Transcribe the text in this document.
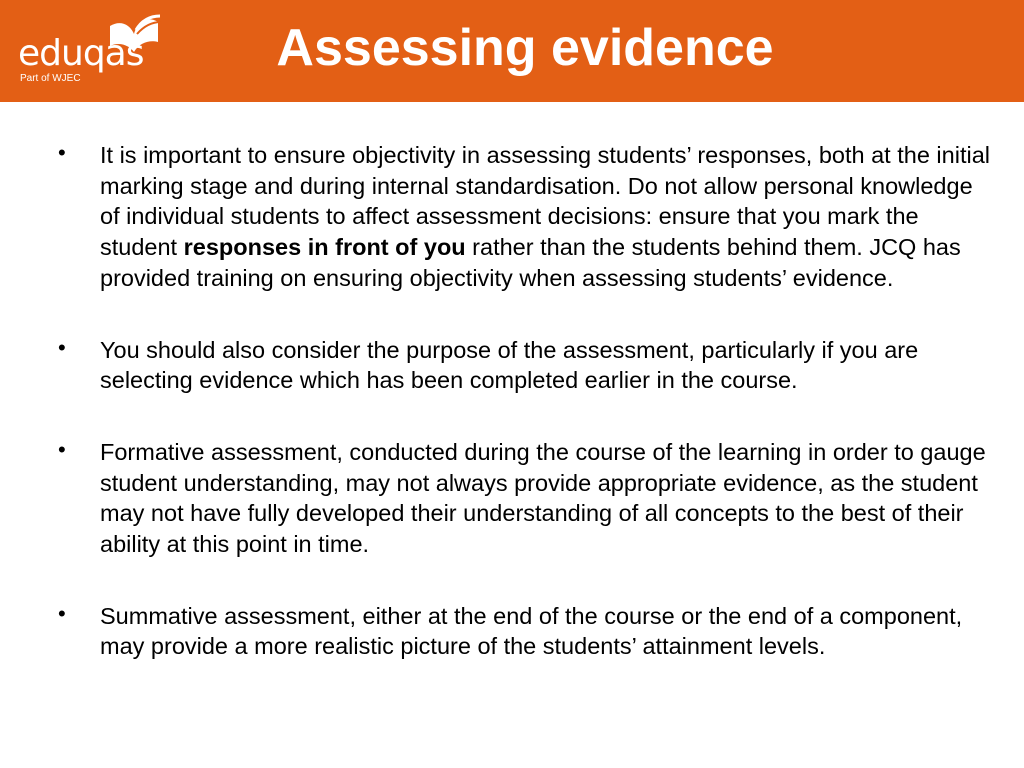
eduqas
Part of WJEC
Assessing evidence
• It is important to ensure objectivity in assessing students’ responses, both at the initial marking stage and during internal standardisation. Do not allow personal knowledge of individual students to affect assessment decisions: ensure that you mark the student responses in front of you rather than the students behind them. JCQ has provided training on ensuring objectivity when assessing students’ evidence.
• You should also consider the purpose of the assessment, particularly if you are selecting evidence which has been completed earlier in the course.
• Formative assessment, conducted during the course of the learning in order to gauge student understanding, may not always provide appropriate evidence, as the student may not have fully developed their understanding of all concepts to the best of their ability at this point in time.
• Summative assessment, either at the end of the course or the end of a component, may provide a more realistic picture of the students’ attainment levels.
